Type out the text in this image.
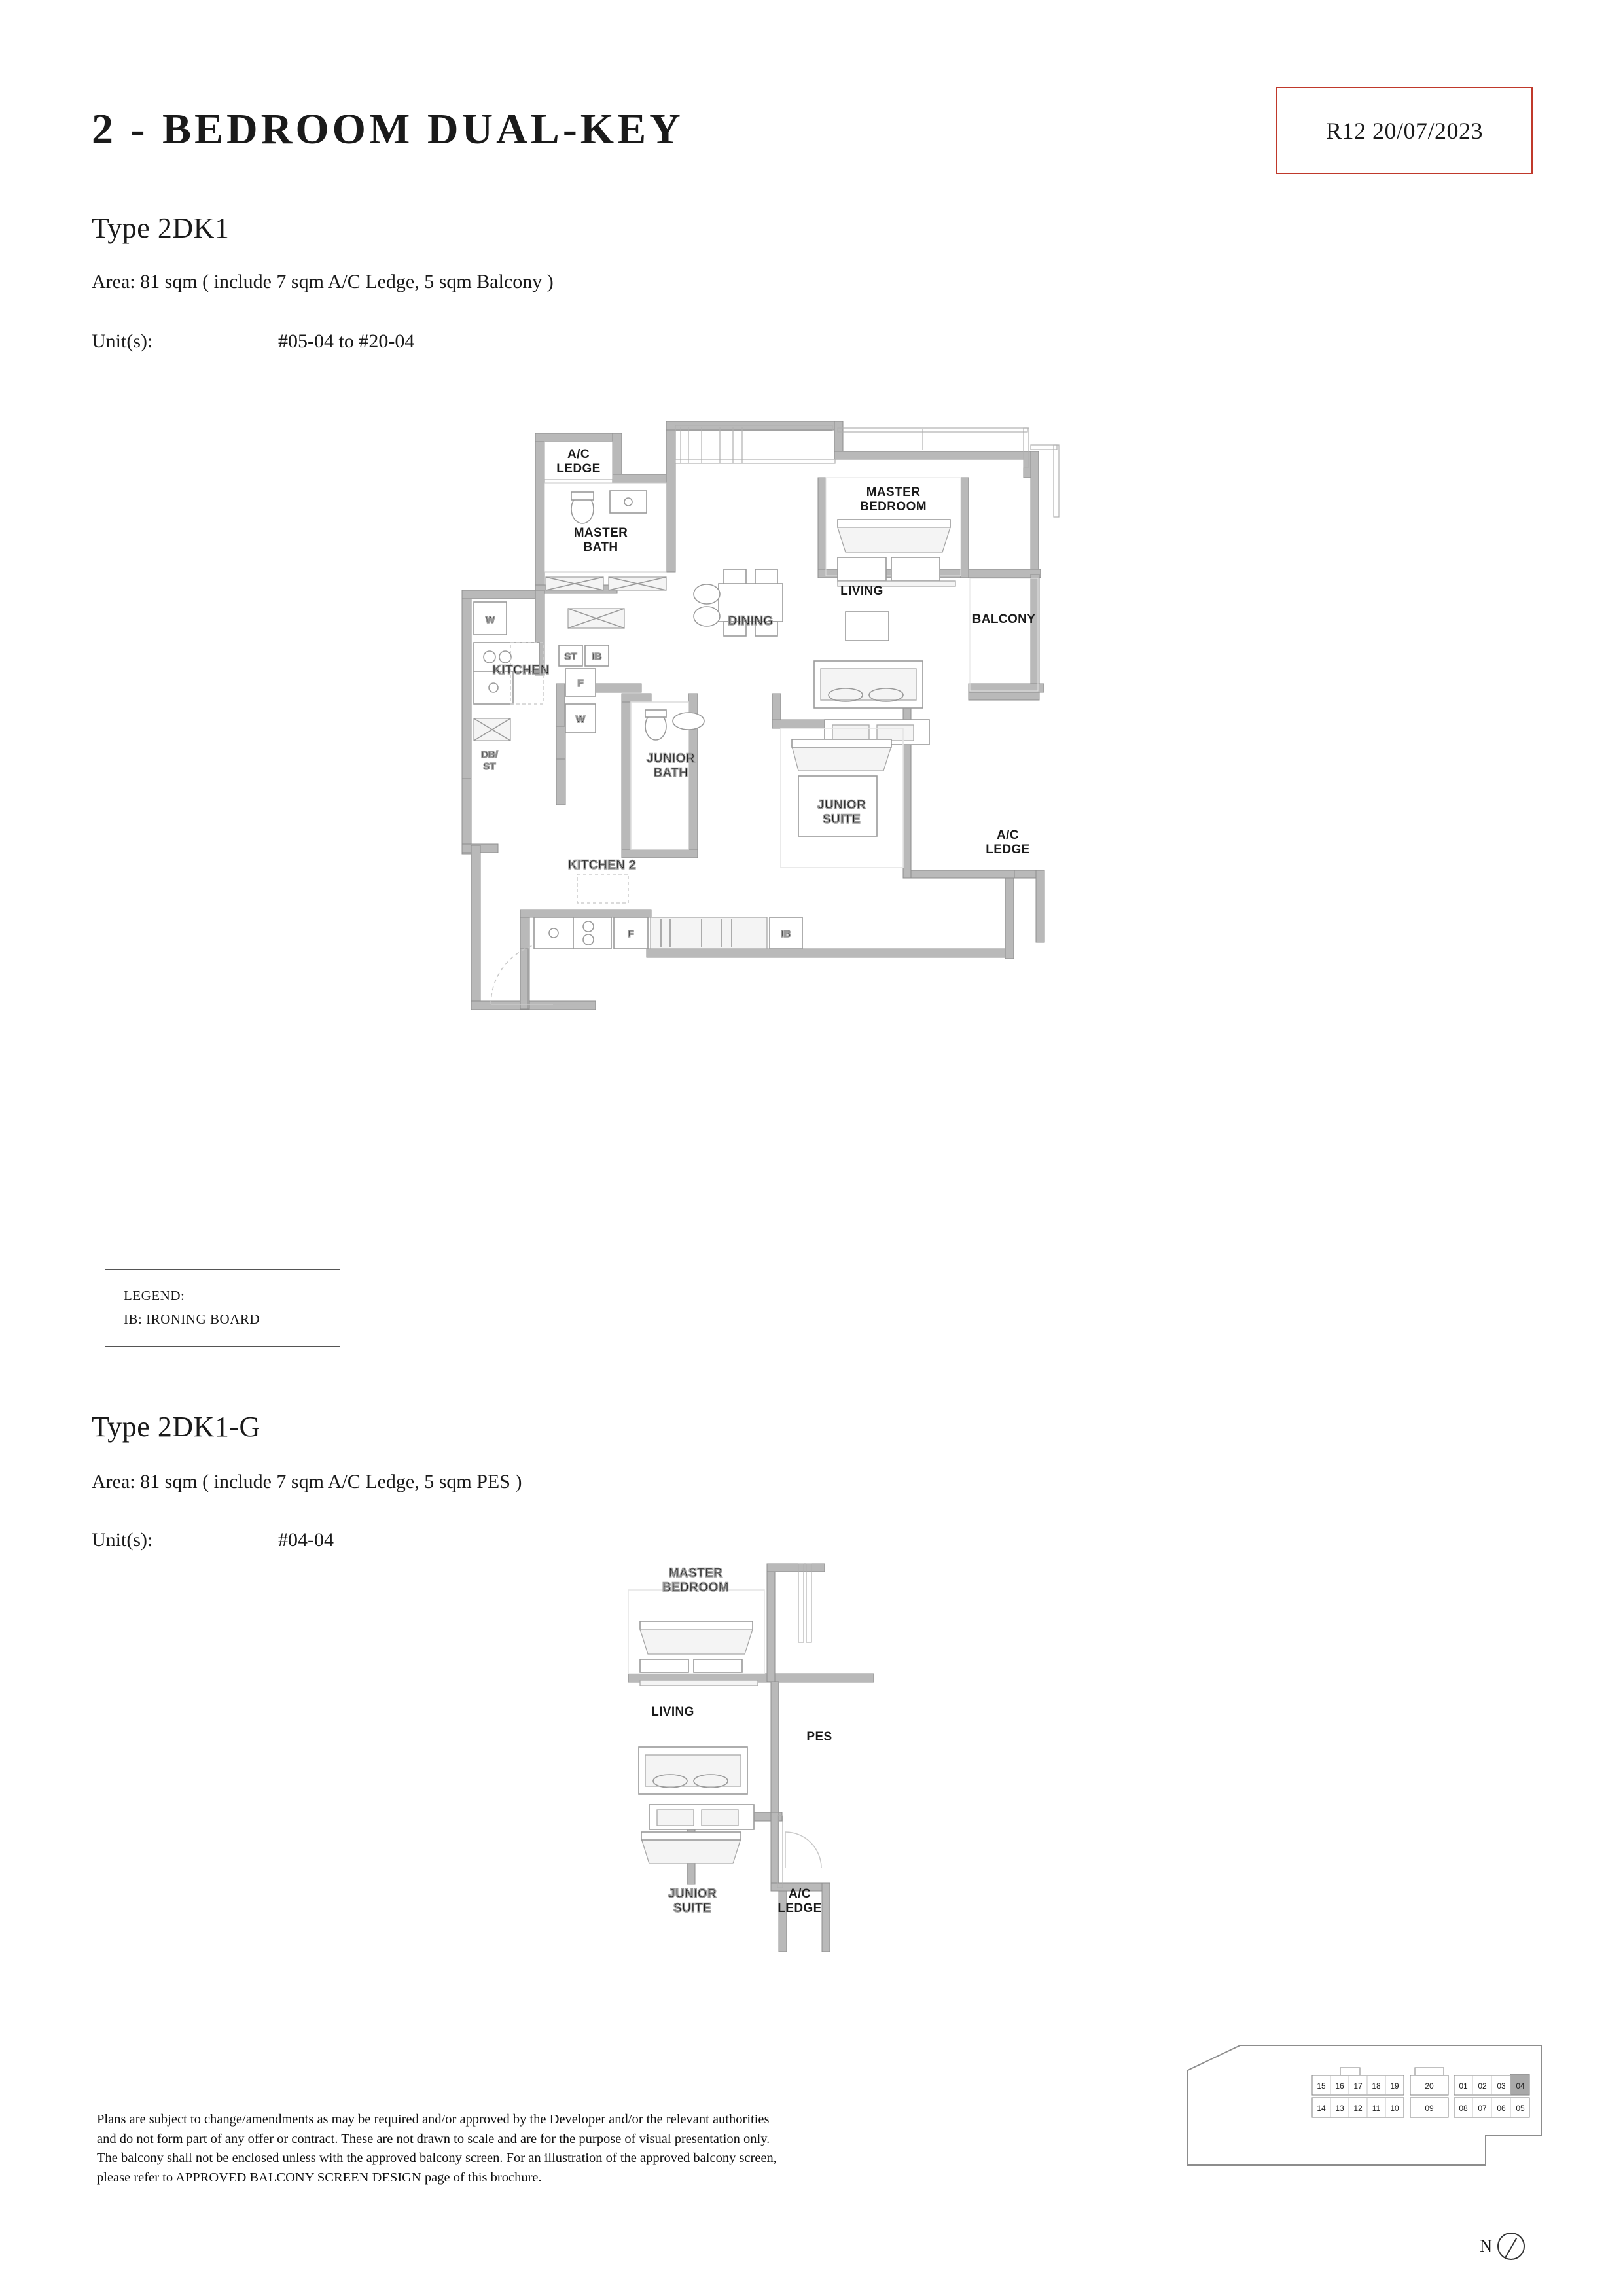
2 - BEDROOM DUAL-KEY	R12 20/07/2023
Type 2DK1
Area: 81 sqm ( include 7 sqm A/C Ledge, 5 sqm Balcony )
Unit(s):	#05-04 to #20-04
A/C
LEDGE
MASTER
BATH
MASTER
BEDROOM
LIVING
BALCONY
DINING
W
KITCHEN
DB/
ST
ST IB
F
W
JUNIOR
BATH
JUNIOR
SUITE
A/C
LEDGE
KITCHEN 2
F	IB
LEGEND:
IB: IRONING BOARD
Type 2DK1-G
Area: 81 sqm ( include 7 sqm A/C Ledge, 5 sqm PES )
Unit(s):	#04-04
MASTER
BEDROOM
LIVING
PES
JUNIOR
SUITE
A/C
LEDGE
Plans are subject to change/amendments as may be required and/or approved by the Developer and/or the relevant authorities
and do not form part of any offer or contract. These are not drawn to scale and are for the purpose of visual presentation only.
The balcony shall not be enclosed unless with the approved balcony screen. For an illustration of the approved balcony screen,
please refer to APPROVED BALCONY SCREEN DESIGN page of this brochure.
15 16 17 18 19	20	01 02 03 04
14 13 12 11 10	09	08 07 06 05
N
